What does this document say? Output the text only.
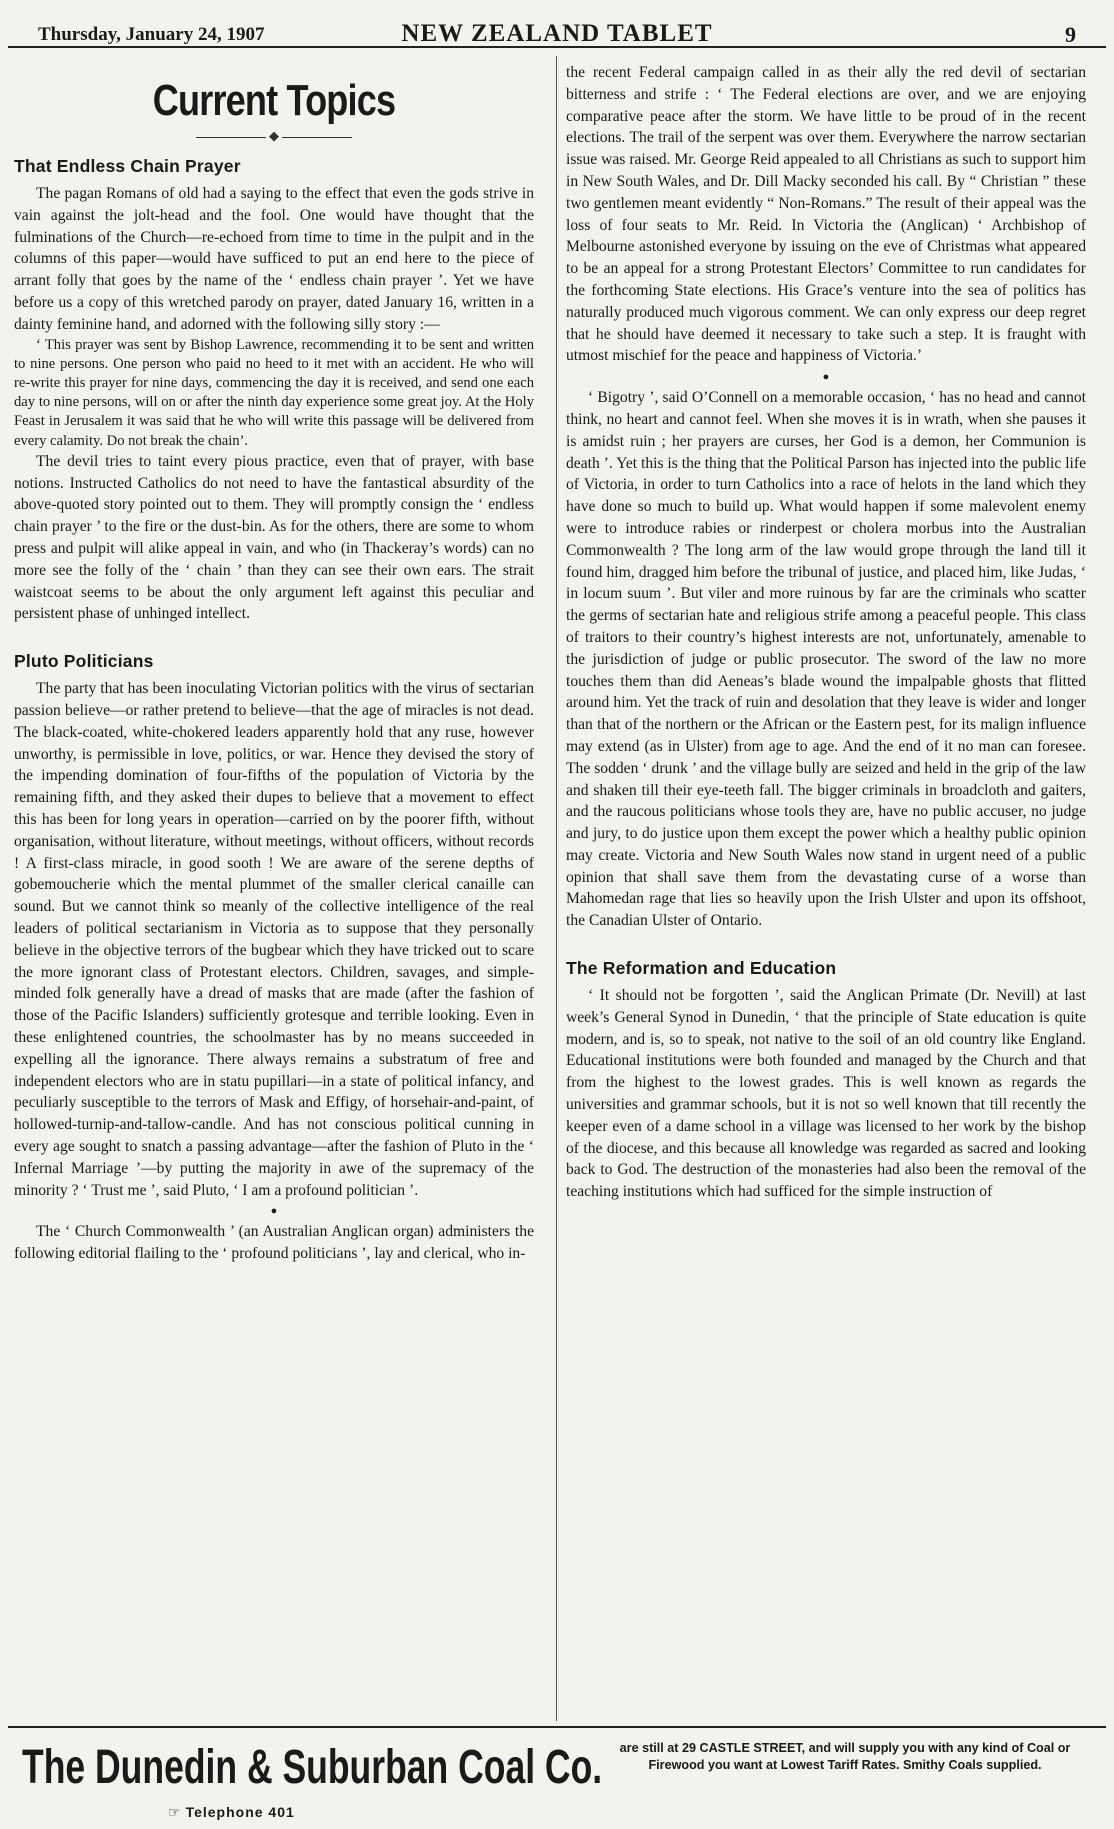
Thursday, January 24, 1907	NEW ZEALAND TABLET	9
Current Topics
◆
That Endless Chain Prayer

The pagan Romans of old had a saying to the effect that even the gods strive in vain against the jolt-head and the fool. One would have thought that the fulminations of the Church—re-echoed from time to time in the pulpit and in the columns of this paper—would have sufficed to put an end here to the piece of arrant folly that goes by the name of the ‘ endless chain prayer ’. Yet we have before us a copy of this wretched parody on prayer, dated January 16, written in a dainty feminine hand, and adorned with the following silly story :—

‘ This prayer was sent by Bishop Lawrence, recommending it to be sent and written to nine persons. One person who paid no heed to it met with an accident. He who will re-write this prayer for nine days, commencing the day it is received, and send one each day to nine persons, will on or after the ninth day experience some great joy. At the Holy Feast in Jerusalem it was said that he who will write this passage will be delivered from every calamity. Do not break the chain’.

The devil tries to taint every pious practice, even that of prayer, with base notions. Instructed Catholics do not need to have the fantastical absurdity of the above-quoted story pointed out to them. They will promptly consign the ‘ endless chain prayer ’ to the fire or the dust-bin. As for the others, there are some to whom press and pulpit will alike appeal in vain, and who (in Thackeray’s words) can no more see the folly of the ‘ chain ’ than they can see their own ears. The strait waistcoat seems to be about the only argument left against this peculiar and persistent phase of unhinged intellect.

Pluto Politicians

The party that has been inoculating Victorian politics with the virus of sectarian passion believe—or rather pretend to believe—that the age of miracles is not dead. The black-coated, white-chokered leaders apparently hold that any ruse, however unworthy, is permissible in love, politics, or war. Hence they devised the story of the impending domination of four-fifths of the population of Victoria by the remaining fifth, and they asked their dupes to believe that a movement to effect this has been for long years in operation—carried on by the poorer fifth, without organisation, without literature, without meetings, without officers, without records ! A first-class miracle, in good sooth ! We are aware of the serene depths of gobemoucherie which the mental plummet of the smaller clerical canaille can sound. But we cannot think so meanly of the collective intelligence of the real leaders of political sectarianism in Victoria as to suppose that they personally believe in the objective terrors of the bugbear which they have tricked out to scare the more ignorant class of Protestant electors. Children, savages, and simple-minded folk generally have a dread of masks that are made (after the fashion of those of the Pacific Islanders) sufficiently grotesque and terrible looking. Even in these enlightened countries, the schoolmaster has by no means succeeded in expelling all the ignorance. There always remains a substratum of free and independent electors who are in statu pupillari—in a state of political infancy, and peculiarly susceptible to the terrors of Mask and Effigy, of horsehair-and-paint, of hollowed-turnip-and-tallow-candle. And has not conscious political cunning in every age sought to snatch a passing advantage—after the fashion of Pluto in the ‘ Infernal Marriage ’—by putting the majority in awe of the supremacy of the minority ? ‘ Trust me ’, said Pluto, ‘ I am a profound politician ’.

●

The ‘ Church Commonwealth ’ (an Australian Anglican organ) administers the following editorial flailing to the ‘ profound politicians ’, lay and clerical, who in-

the recent Federal campaign called in as their ally the red devil of sectarian bitterness and strife : ‘ The Federal elections are over, and we are enjoying comparative peace after the storm. We have little to be proud of in the recent elections. The trail of the serpent was over them. Everywhere the narrow sectarian issue was raised. Mr. George Reid appealed to all Christians as such to support him in New South Wales, and Dr. Dill Macky seconded his call. By “ Christian ” these two gentlemen meant evidently “ Non-Romans.” The result of their appeal was the loss of four seats to Mr. Reid. In Victoria the (Anglican) ‘ Archbishop of Melbourne astonished everyone by issuing on the eve of Christmas what appeared to be an appeal for a strong Protestant Electors’ Committee to run candidates for the forthcoming State elections. His Grace’s venture into the sea of politics has naturally produced much vigorous comment. We can only express our deep regret that he should have deemed it necessary to take such a step. It is fraught with utmost mischief for the peace and happiness of Victoria.’

●

‘ Bigotry ’, said O’Connell on a memorable occasion, ‘ has no head and cannot think, no heart and cannot feel. When she moves it is in wrath, when she pauses it is amidst ruin ; her prayers are curses, her God is a demon, her Communion is death ’. Yet this is the thing that the Political Parson has injected into the public life of Victoria, in order to turn Catholics into a race of helots in the land which they have done so much to build up. What would happen if some malevolent enemy were to introduce rabies or rinderpest or cholera morbus into the Australian Commonwealth ? The long arm of the law would grope through the land till it found him, dragged him before the tribunal of justice, and placed him, like Judas, ‘ in locum suum ’. But viler and more ruinous by far are the criminals who scatter the germs of sectarian hate and religious strife among a peaceful people. This class of traitors to their country’s highest interests are not, unfortunately, amenable to the jurisdiction of judge or public prosecutor. The sword of the law no more touches them than did Aeneas’s blade wound the impalpable ghosts that flitted around him. Yet the track of ruin and desolation that they leave is wider and longer than that of the northern or the African or the Eastern pest, for its malign influence may extend (as in Ulster) from age to age. And the end of it no man can foresee. The sodden ‘ drunk ’ and the village bully are seized and held in the grip of the law and shaken till their eye-teeth fall. The bigger criminals in broadcloth and gaiters, and the raucous politicians whose tools they are, have no public accuser, no judge and jury, to do justice upon them except the power which a healthy public opinion may create. Victoria and New South Wales now stand in urgent need of a public opinion that shall save them from the devastating curse of a worse than Mahomedan rage that lies so heavily upon the Irish Ulster and upon its offshoot, the Canadian Ulster of Ontario.

The Reformation and Education

‘ It should not be forgotten ’, said the Anglican Primate (Dr. Nevill) at last week’s General Synod in Dunedin, ‘ that the principle of State education is quite modern, and is, so to speak, not native to the soil of an old country like England. Educational institutions were both founded and managed by the Church and that from the highest to the lowest grades. This is well known as regards the universities and grammar schools, but it is not so well known that till recently the keeper even of a dame school in a village was licensed to her work by the bishop of the diocese, and this because all knowledge was regarded as sacred and looking back to God. The destruction of the monasteries had also been the removal of the teaching institutions which had sufficed for the simple instruction of

The Dunedin & Suburban Coal Co.
☞ Telephone 401
are still at 29 CASTLE STREET, and will supply you with any kind of Coal or Firewood you want at Lowest Tariff Rates. Smithy Coals supplied.
